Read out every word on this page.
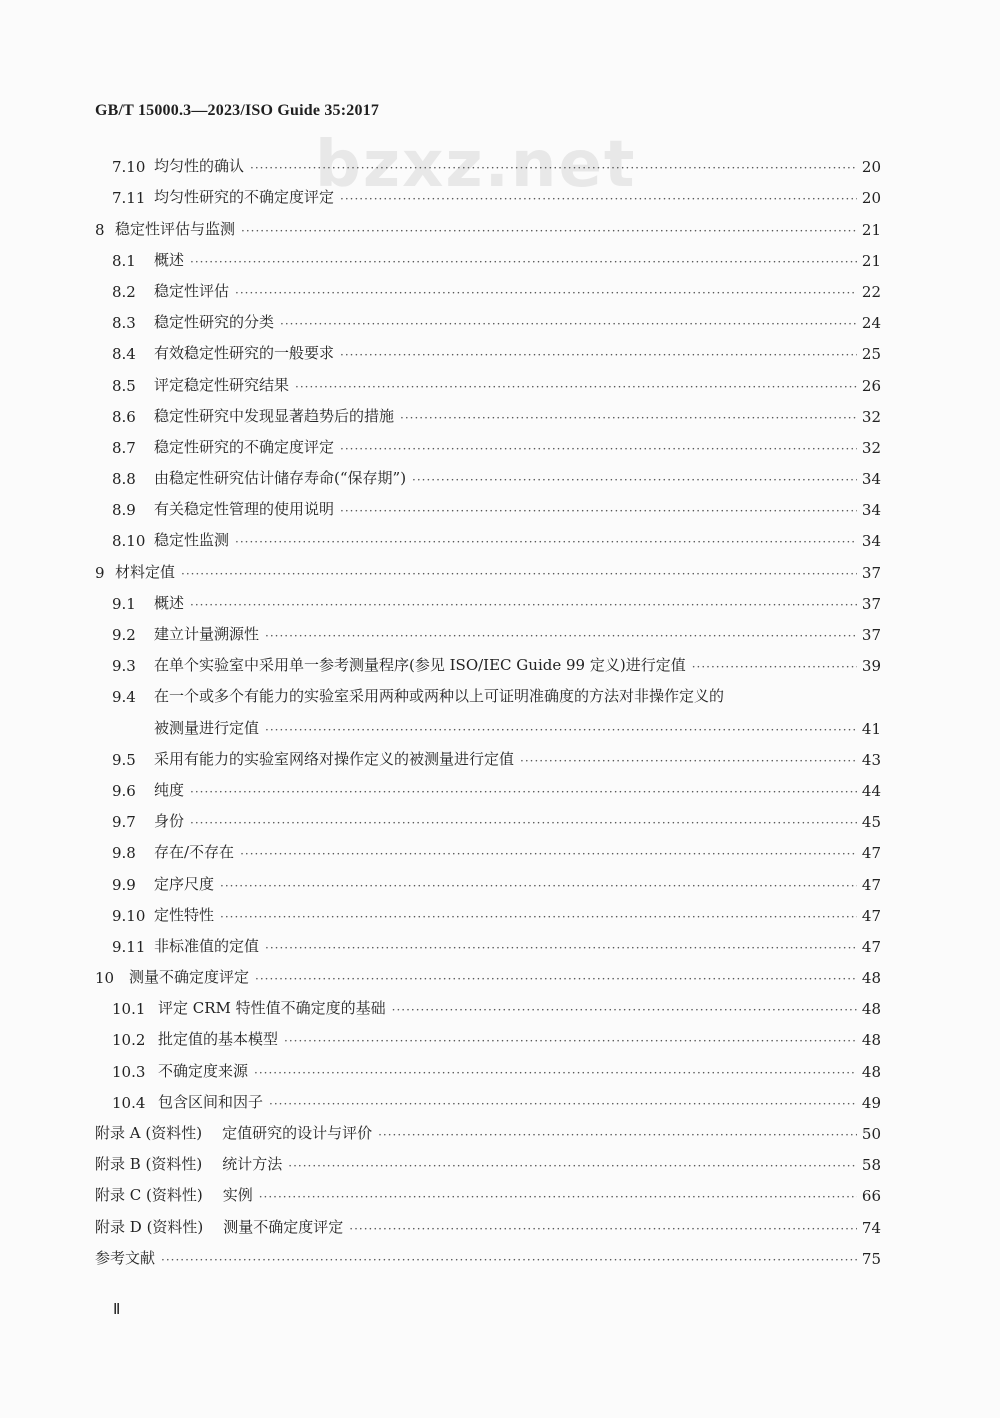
GB/T 15000.3—2023/ISO Guide 35:2017
bzxz.net
7.10 均匀性的确认 ·····	20
7.11 均匀性研究的不确定度评定 ·····	20
8 稳定性评估与监测 ·····	21
8.1	概述 ·····	21
8.2	稳定性评估 ·····	22
8.3	稳定性研究的分类 ·····	24
8.4	有效稳定性研究的一般要求 ·····	25
8.5	评定稳定性研究结果 ·····	26
8.6	稳定性研究中发现显著趋势后的措施 ·····	32
8.7	稳定性研究的不确定度评定 ·····	32
8.8	由稳定性研究估计储存寿命(“保存期”) ·····	34
8.9	有关稳定性管理的使用说明 ·····	34
8.10 稳定性监测 ·····	34
9 材料定值 ·····	37
9.1	概述 ·····	37
9.2	建立计量溯源性 ·····	37
9.3	在单个实验室中采用单一参考测量程序(参见 ISO/IEC Guide 99 定义)进行定值 ·····	39
9.4	在一个或多个有能力的实验室采用两种或两种以上可证明准确度的方法对非操作定义的
被测量进行定值 ·····	41
9.5	采用有能力的实验室网络对操作定义的被测量进行定值 ·····	43
9.6	纯度 ·····	44
9.7	身份 ·····	45
9.8	存在/不存在 ·····	47
9.9	定序尺度 ·····	47
9.10 定性特性 ·····	47
9.11 非标准值的定值 ·····	47
10 测量不确定度评定 ·····	48
10.1 评定 CRM 特性值不确定度的基础 ·····	48
10.2 批定值的基本模型 ·····	48
10.3 不确定度来源 ·····	48
10.4 包含区间和因子 ·····	49
附录 A (资料性) 定值研究的设计与评价 ·····	50
附录 B (资料性) 统计方法 ·····	58
附录 C (资料性) 实例 ·····	66
附录 D (资料性) 测量不确定度评定 ·····	74
参考文献 ·····	75
Ⅱ
